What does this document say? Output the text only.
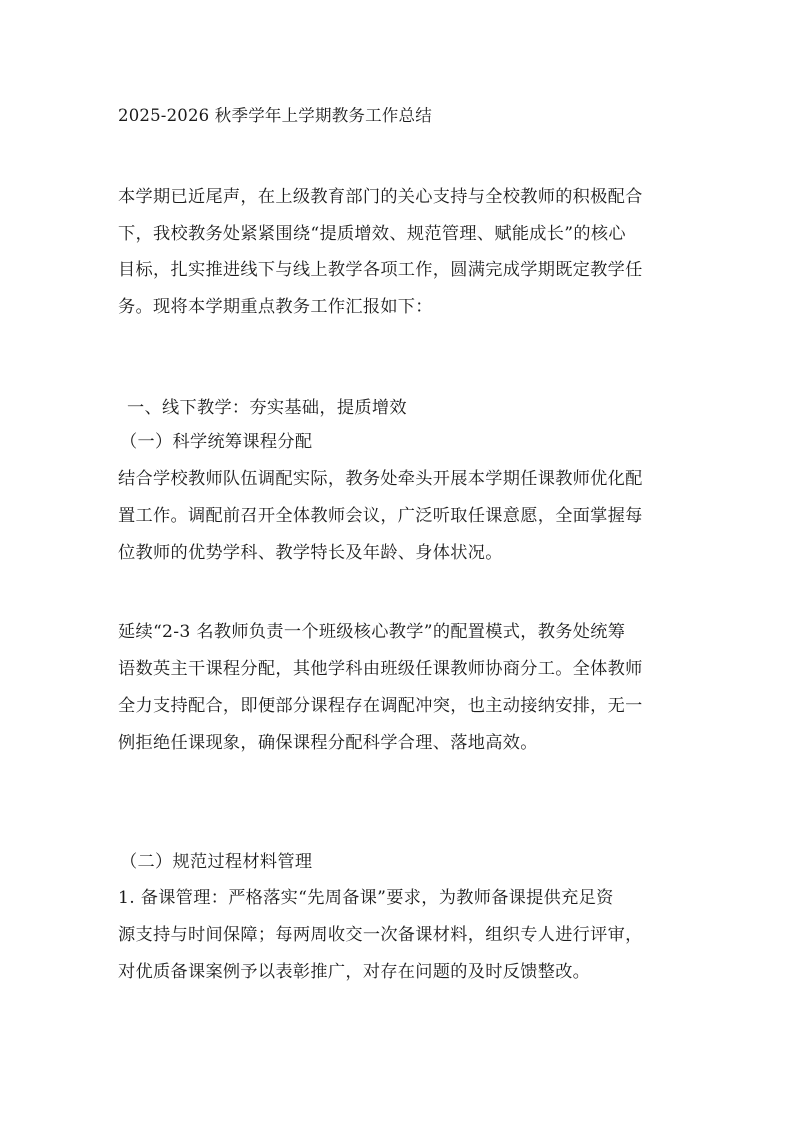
2025-2026 秋季学年上学期教务工作总结
本学期已近尾声，在上级教育部门的关心支持与全校教师的积极配合
下，我校教务处紧紧围绕“提质增效、规范管理、赋能成长”的核心
目标，扎实推进线下与线上教学各项工作，圆满完成学期既定教学任
务。现将本学期重点教务工作汇报如下：
一、线下教学：夯实基础，提质增效
（一）科学统筹课程分配
结合学校教师队伍调配实际，教务处牵头开展本学期任课教师优化配
置工作。调配前召开全体教师会议，广泛听取任课意愿，全面掌握每
位教师的优势学科、教学特长及年龄、身体状况。
延续“2-3 名教师负责一个班级核心教学”的配置模式，教务处统筹
语数英主干课程分配，其他学科由班级任课教师协商分工。全体教师
全力支持配合，即便部分课程存在调配冲突，也主动接纳安排，无一
例拒绝任课现象，确保课程分配科学合理、落地高效。
（二）规范过程材料管理
1. 备课管理：严格落实“先周备课”要求，为教师备课提供充足资
源支持与时间保障；每两周收交一次备课材料，组织专人进行评审，
对优质备课案例予以表彰推广，对存在问题的及时反馈整改。
